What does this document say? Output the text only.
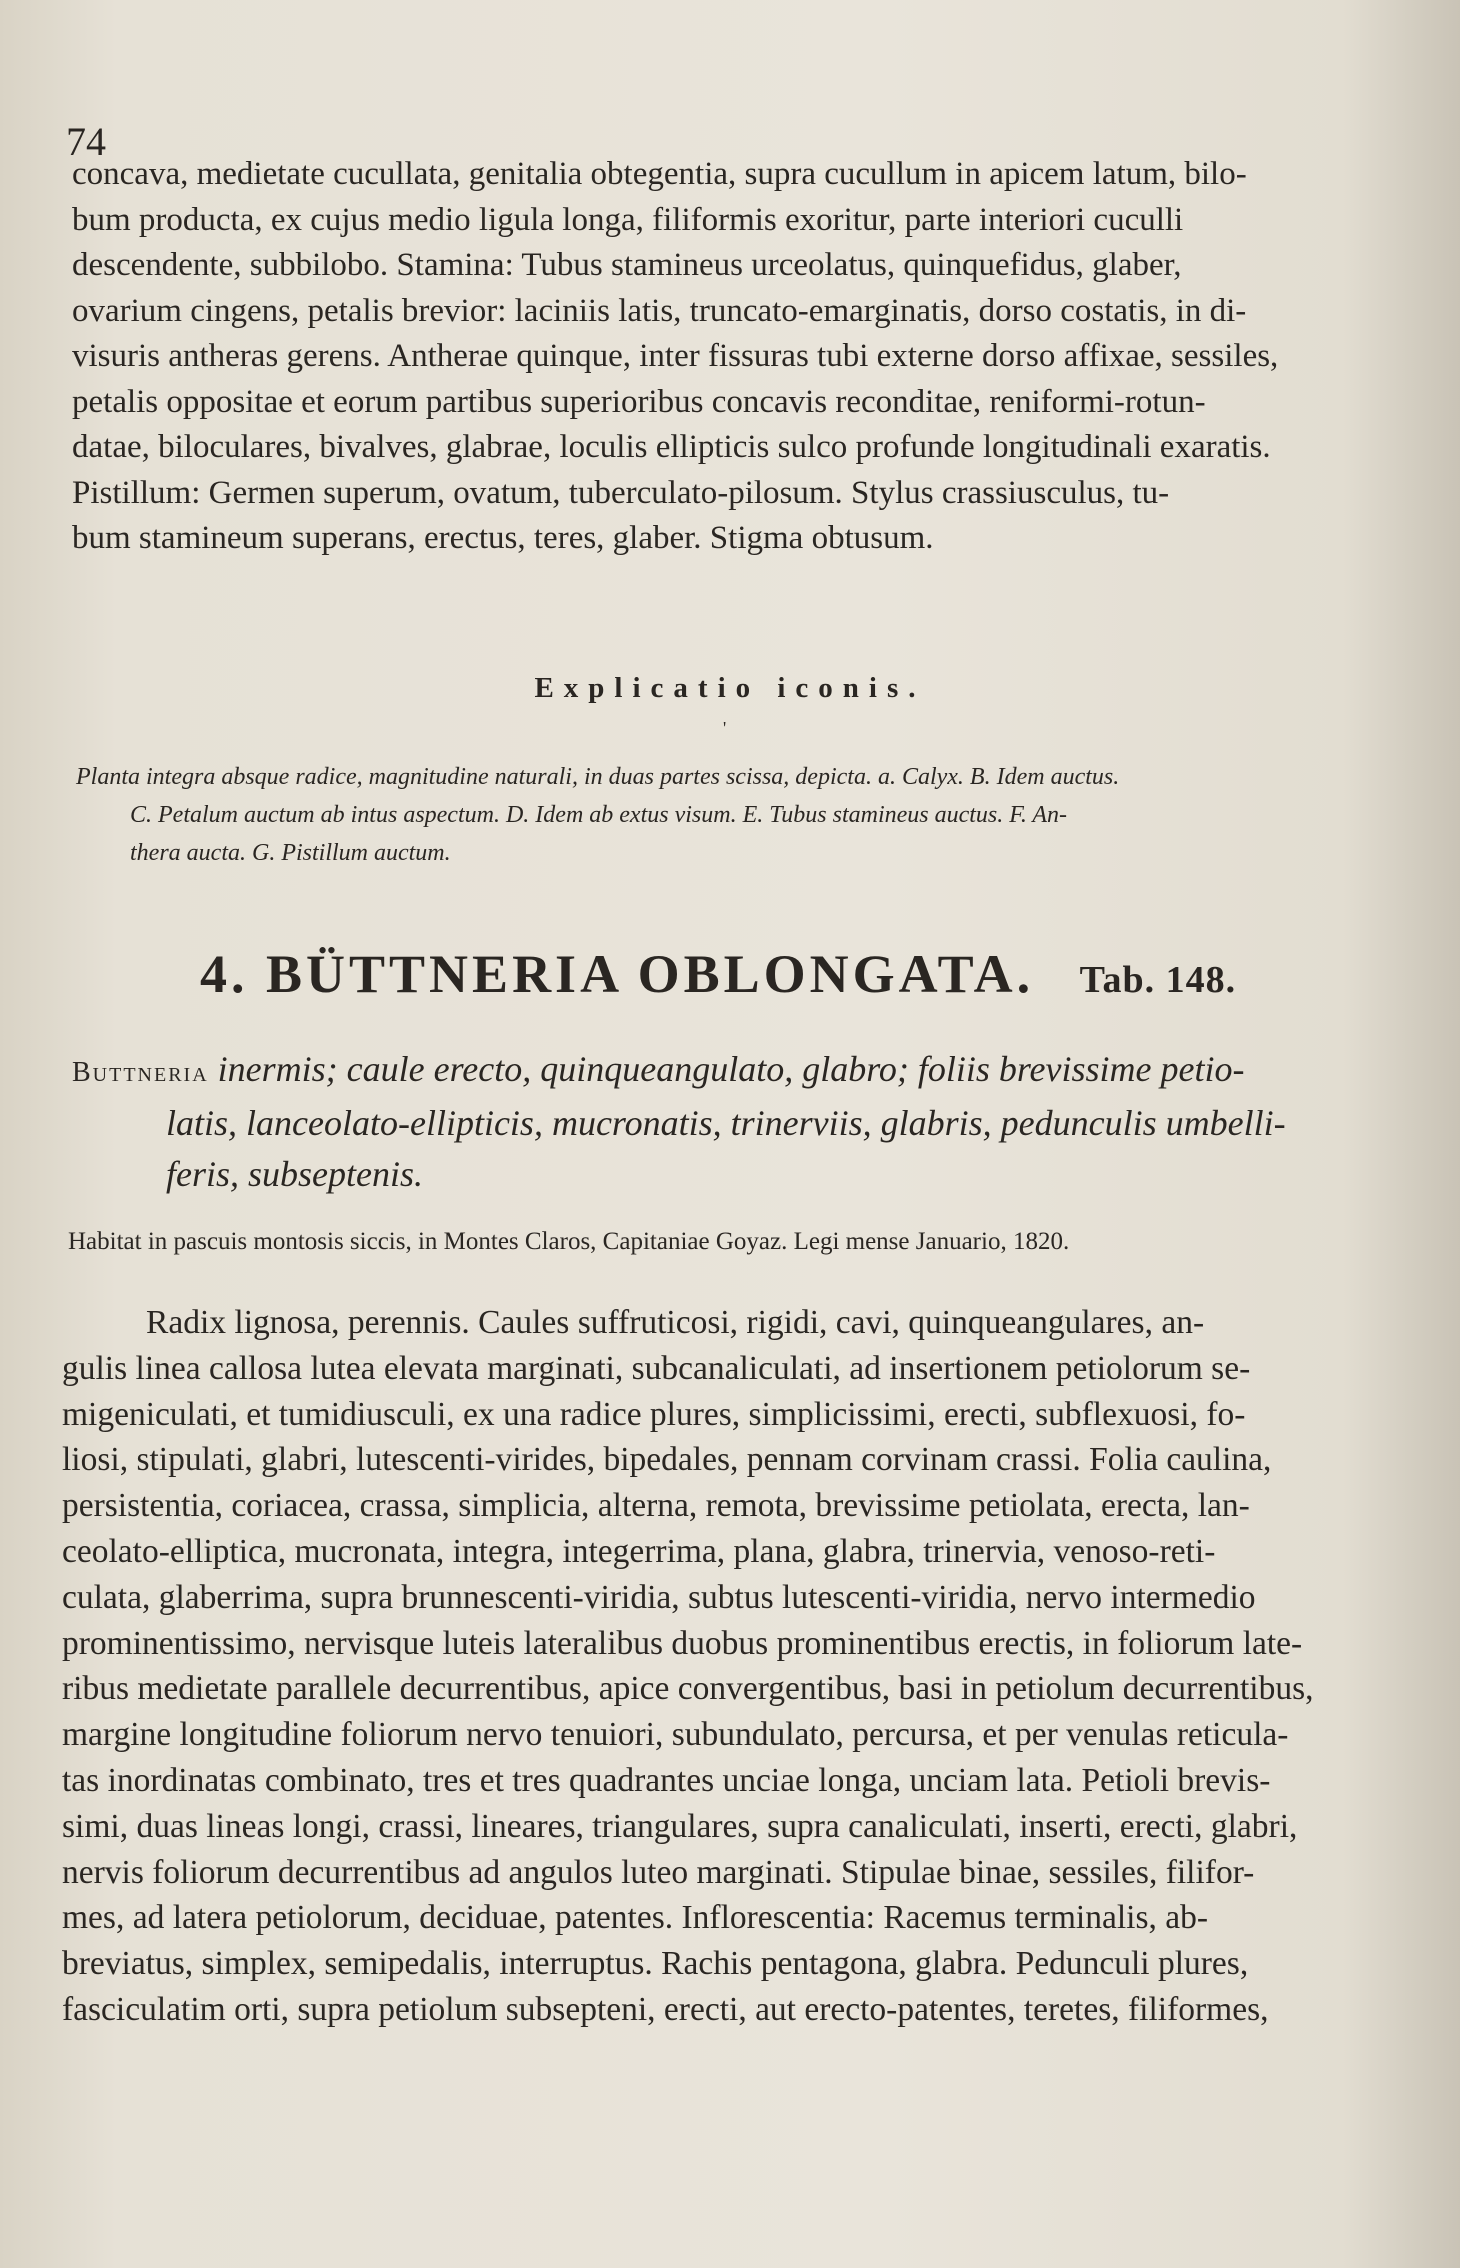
74
concava, medietate cucullata, genitalia obtegentia, supra cucullum in apicem latum, bilo-
bum producta, ex cujus medio ligula longa, filiformis exoritur, parte interiori cuculli
descendente, subbilobo. Stamina: Tubus stamineus urceolatus, quinquefidus, glaber,
ovarium cingens, petalis brevior: laciniis latis, truncato-emarginatis, dorso costatis, in di-
visuris antheras gerens. Antherae quinque, inter fissuras tubi externe dorso affixae, sessiles,
petalis oppositae et eorum partibus superioribus concavis reconditae, reniformi-rotun-
datae, biloculares, bivalves, glabrae, loculis ellipticis sulco profunde longitudinali exaratis.
Pistillum: Germen superum, ovatum, tuberculato-pilosum. Stylus crassiusculus, tu-
bum stamineum superans, erectus, teres, glaber. Stigma obtusum.
Explicatio iconis.
'

Planta integra absque radice, magnitudine naturali, in duas partes scissa, depicta. a. Calyx. B. Idem auctus.

C. Petalum auctum ab intus aspectum. D. Idem ab extus visum. E. Tubus stamineus auctus. F. An-

thera aucta. G. Pistillum auctum.

4. BÜTTNERIA OBLONGATA. Tab. 148.
Buttneria inermis; caule erecto, quinqueangulato, glabro; foliis brevissime petio-
latis, lanceolato-ellipticis, mucronatis, trinerviis, glabris, pedunculis umbelli-
feris, subseptenis.

Habitat in pascuis montosis siccis, in Montes Claros, Capitaniae Goyaz. Legi mense Januario, 1820.

Radix lignosa, perennis. Caules suffruticosi, rigidi, cavi, quinqueangulares, an-
gulis linea callosa lutea elevata marginati, subcanaliculati, ad insertionem petiolorum se-
migeniculati, et tumidiusculi, ex una radice plures, simplicissimi, erecti, subflexuosi, fo-
liosi, stipulati, glabri, lutescenti-virides, bipedales, pennam corvinam crassi. Folia caulina,
persistentia, coriacea, crassa, simplicia, alterna, remota, brevissime petiolata, erecta, lan-
ceolato-elliptica, mucronata, integra, integerrima, plana, glabra, trinervia, venoso-reti-
culata, glaberrima, supra brunnescenti-viridia, subtus lutescenti-viridia, nervo intermedio
prominentissimo, nervisque luteis lateralibus duobus prominentibus erectis, in foliorum late-
ribus medietate parallele decurrentibus, apice convergentibus, basi in petiolum decurrentibus,
margine longitudine foliorum nervo tenuiori, subundulato, percursa, et per venulas reticula-
tas inordinatas combinato, tres et tres quadrantes unciae longa, unciam lata. Petioli brevis-
simi, duas lineas longi, crassi, lineares, triangulares, supra canaliculati, inserti, erecti, glabri,
nervis foliorum decurrentibus ad angulos luteo marginati. Stipulae binae, sessiles, filifor-
mes, ad latera petiolorum, deciduae, patentes. Inflorescentia: Racemus terminalis, ab-
breviatus, simplex, semipedalis, interruptus. Rachis pentagona, glabra. Pedunculi plures,
fasciculatim orti, supra petiolum subsepteni, erecti, aut erecto-patentes, teretes, filiformes,
